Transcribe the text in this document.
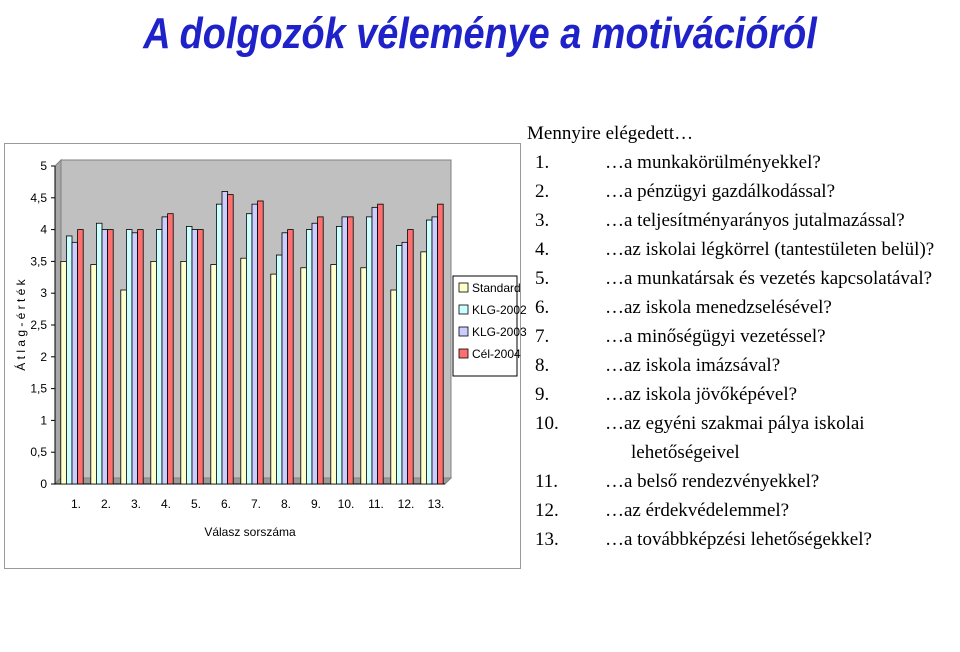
A dolgozók véleménye a motivációról
0
0,5
1
1,5
2
2,5
3
3,5
4
4,5
5
Á t l a g - é r t é k
1. 2. 3. 4. 5. 6. 7. 8. 9. 10. 11. 12. 13.
Válasz sorszáma
Standard
KLG-2002
KLG-2003
Cél-2004
Mennyire elégedett…
1.	…a munkakörülményekkel?
2.	…a pénzügyi gazdálkodással?
3.	…a teljesítményarányos jutalmazással?
4.	…az iskolai légkörrel (tantestületen belül)?
5.	…a munkatársak és vezetés kapcsolatával?
6.	…az iskola menedzselésével?
7.	…a minőségügyi vezetéssel?
8.	…az iskola imázsával?
9.	…az iskola jövőképével?
10. …az egyéni szakmai pálya iskolai lehetőségeivel
11. …a belső rendezvényekkel?
12. …az érdekvédelemmel?
13. …a továbbképzési lehetőségekkel?
